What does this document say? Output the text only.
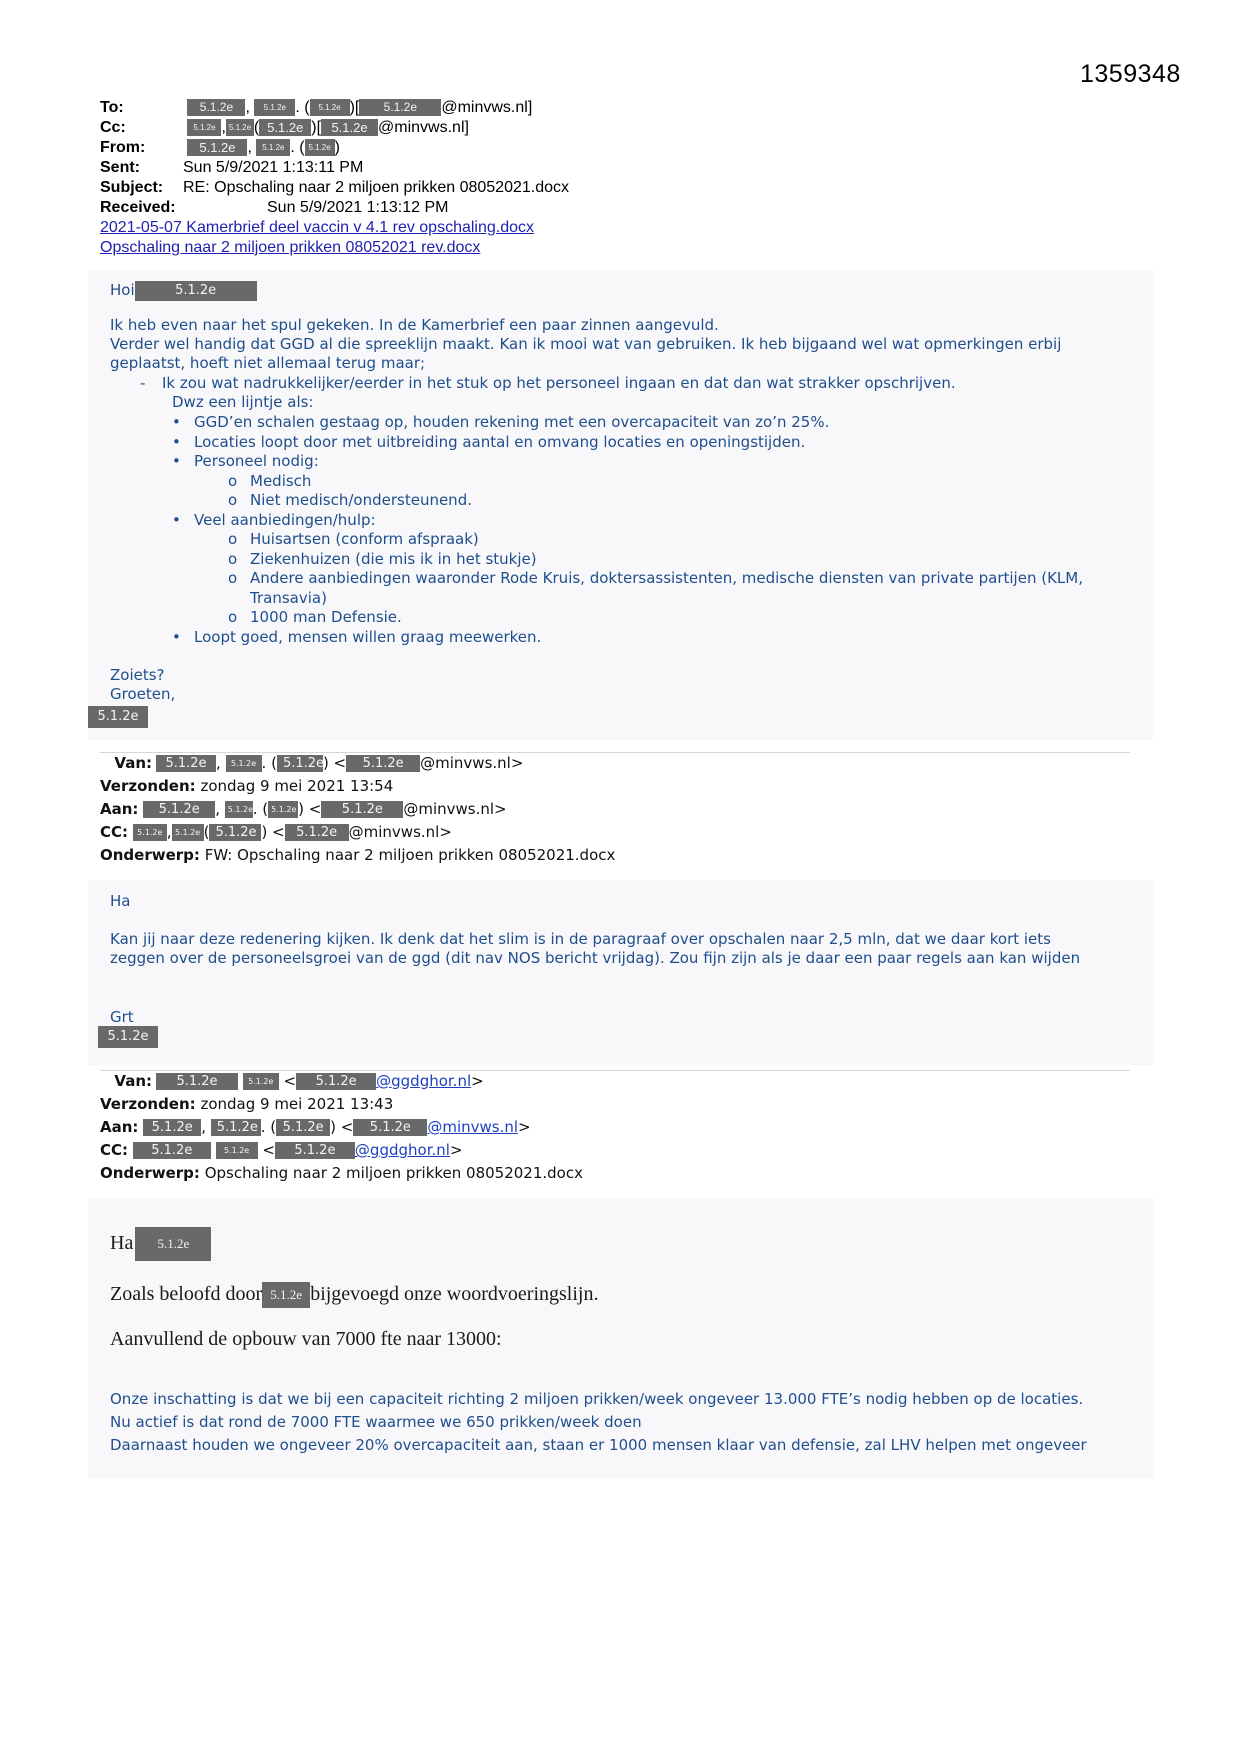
1359348
To:	5.1.2e , 5.1.2e . ( 5.1.2e )[ 5.1.2e @minvws.nl]
Cc:	5.1.2e , 5.1.2e ( 5.1.2e )[ 5.1.2e @minvws.nl]
From:	5.1.2e , 5.1.2e . ( 5.1.2e )
Sent:	Sun 5/9/2021 1:13:11 PM
Subject: RE: Opschaling naar 2 miljoen prikken 08052021.docx
Received:	Sun 5/9/2021 1:13:12 PM
2021-05-07 Kamerbrief deel vaccin v 4.1 rev opschaling.docx
Opschaling naar 2 miljoen prikken 08052021 rev.docx
Hoi	5.1.2e
Ik heb even naar het spul gekeken. In de Kamerbrief een paar zinnen aangevuld.
Verder wel handig dat GGD al die spreeklijn maakt. Kan ik mooi wat van gebruiken. Ik heb bijgaand wel wat opmerkingen erbij geplaatst, hoeft niet allemaal terug maar;
-	Ik zou wat nadrukkelijker/eerder in het stuk op het personeel ingaan en dat dan wat strakker opschrijven.
Dwz een lijntje als:
• GGD’en schalen gestaag op, houden rekening met een overcapaciteit van zo’n 25%.
• Locaties loopt door met uitbreiding aantal en omvang locaties en openingstijden.
• Personeel nodig:
o Medisch
o Niet medisch/ondersteunend.
• Veel aanbiedingen/hulp:
o Huisartsen (conform afspraak)
o Ziekenhuizen (die mis ik in het stukje)
o Andere aanbiedingen waaronder Rode Kruis, doktersassistenten, medische diensten van private partijen (KLM, Transavia)
o 1000 man Defensie.
• Loopt goed, mensen willen graag meewerken.
Zoiets?
Groeten,
5.1.2e
Van: 5.1.2e , 5.1.2e . ( 5.1.2e) < 5.1.2e @minvws.nl>
Verzonden: zondag 9 mei 2021 13:54
Aan: 5.1.2e , 5.1.2e. ( 5.1.2e ) < 5.1.2e @minvws.nl>
CC: 5.1.2e , 5.1.2e ( 5.1.2e ) < 5.1.2e @minvws.nl>
Onderwerp: FW: Opschaling naar 2 miljoen prikken 08052021.docx
Ha
Kan jij naar deze redenering kijken. Ik denk dat het slim is in de paragraaf over opschalen naar 2,5 mln, dat we daar kort iets zeggen over de personeelsgroei van de ggd (dit nav NOS bericht vrijdag). Zou fijn zijn als je daar een paar regels aan kan wijden
Grt
5.1.2e
Van: 5.1.2e	5.1.2e < 5.1.2e @ggdghor.nl>
Verzonden: zondag 9 mei 2021 13:43
Aan: 5.1.2e , 5.1.2e . ( 5.1.2e ) < 5.1.2e @minvws.nl>
CC: 5.1.2e	5.1.2e < 5.1.2e @ggdghor.nl>
Onderwerp: Opschaling naar 2 miljoen prikken 08052021.docx
Ha 5.1.2e
Zoals beloofd door 5.1.2e bijgevoegd onze woordvoeringslijn.
Aanvullend de opbouw van 7000 fte naar 13000:
Onze inschatting is dat we bij een capaciteit richting 2 miljoen prikken/week ongeveer 13.000 FTE’s nodig hebben op de locaties.
Nu actief is dat rond de 7000 FTE waarmee we 650 prikken/week doen
Daarnaast houden we ongeveer 20% overcapaciteit aan, staan er 1000 mensen klaar van defensie, zal LHV helpen met ongeveer
